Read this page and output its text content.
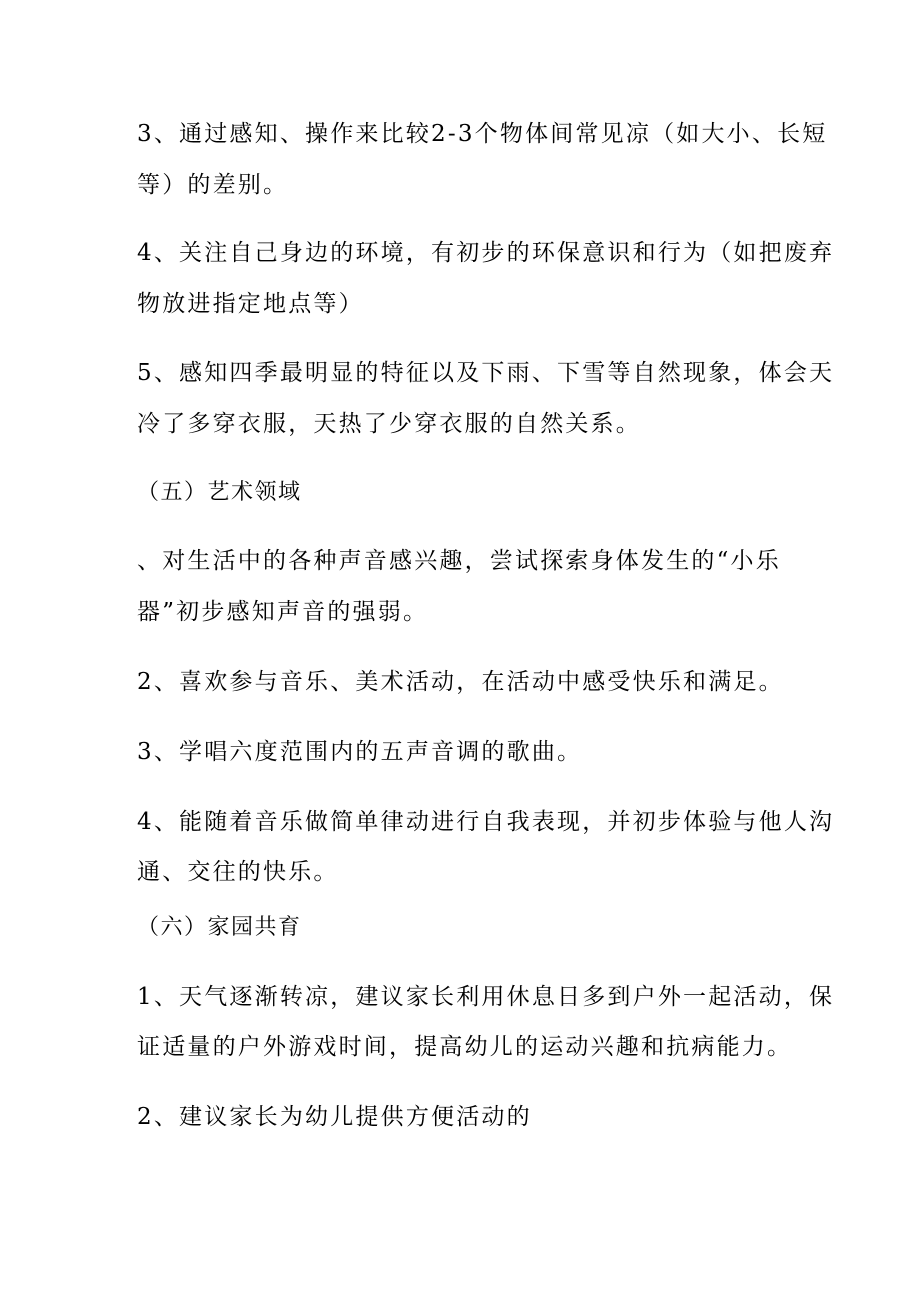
3、通过感知、操作来比较2-3个物体间常见凉（如大小、长短
等）的差别。
4、关注自己身边的环境，有初步的环保意识和行为（如把废弃
物放进指定地点等）
5、感知四季最明显的特征以及下雨、下雪等自然现象，体会天
冷了多穿衣服，天热了少穿衣服的自然关系。
（五）艺术领域
、对生活中的各种声音感兴趣，尝试探索身体发生的“小乐
器”初步感知声音的强弱。
2、喜欢参与音乐、美术活动，在活动中感受快乐和满足。
3、学唱六度范围内的五声音调的歌曲。
4、能随着音乐做简单律动进行自我表现，并初步体验与他人沟
通、交往的快乐。
（六）家园共育
1、天气逐渐转凉，建议家长利用休息日多到户外一起活动，保
证适量的户外游戏时间，提高幼儿的运动兴趣和抗病能力。
2、建议家长为幼儿提供方便活动的
